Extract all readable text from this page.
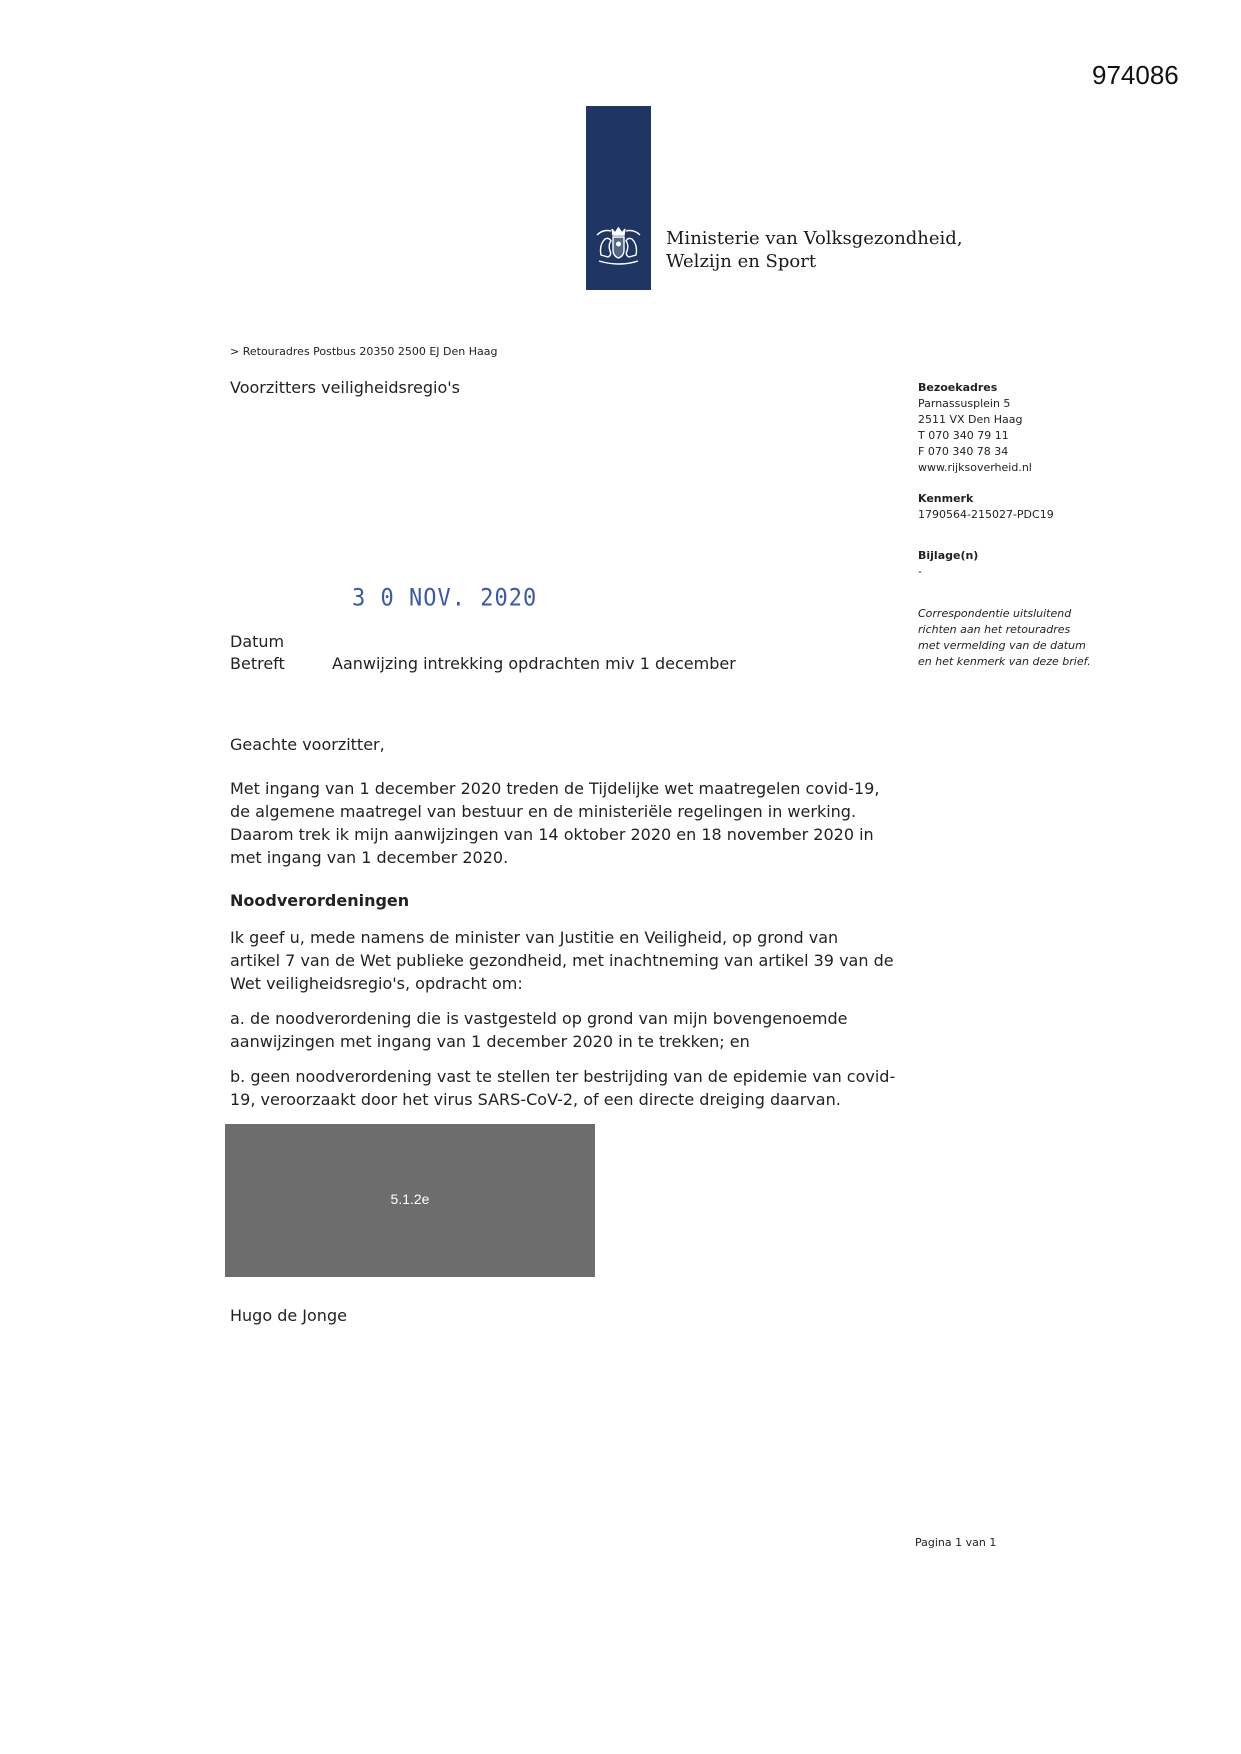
974086
Ministerie van Volksgezondheid,
Welzijn en Sport
> Retouradres Postbus 20350 2500 EJ Den Haag
Voorzitters veiligheidsregio's	Bezoekadres
Parnassusplein 5
2511 VX Den Haag
T 070 340 79 11
F 070 340 78 34
www.rijksoverheid.nl
Kenmerk
1790564-215027-PDC19
Bijlage(n)
-
Correspondentie uitsluitend richten aan het retouradres met vermelding van de datum en het kenmerk van deze brief.
3 0 NOV. 2020
Datum
Betreft	Aanwijzing intrekking opdrachten miv 1 december
Geachte voorzitter,
Met ingang van 1 december 2020 treden de Tijdelijke wet maatregelen covid-19,
de algemene maatregel van bestuur en de ministeriële regelingen in werking.
Daarom trek ik mijn aanwijzingen van 14 oktober 2020 en 18 november 2020 in
met ingang van 1 december 2020.
Noodverordeningen
Ik geef u, mede namens de minister van Justitie en Veiligheid, op grond van
artikel 7 van de Wet publieke gezondheid, met inachtneming van artikel 39 van de
Wet veiligheidsregio's, opdracht om:
a. de noodverordening die is vastgesteld op grond van mijn bovengenoemde
aanwijzingen met ingang van 1 december 2020 in te trekken; en
b. geen noodverordening vast te stellen ter bestrijding van de epidemie van covid-
19, veroorzaakt door het virus SARS-CoV-2, of een directe dreiging daarvan.
5.1.2e
Hugo de Jonge
Pagina 1 van 1
